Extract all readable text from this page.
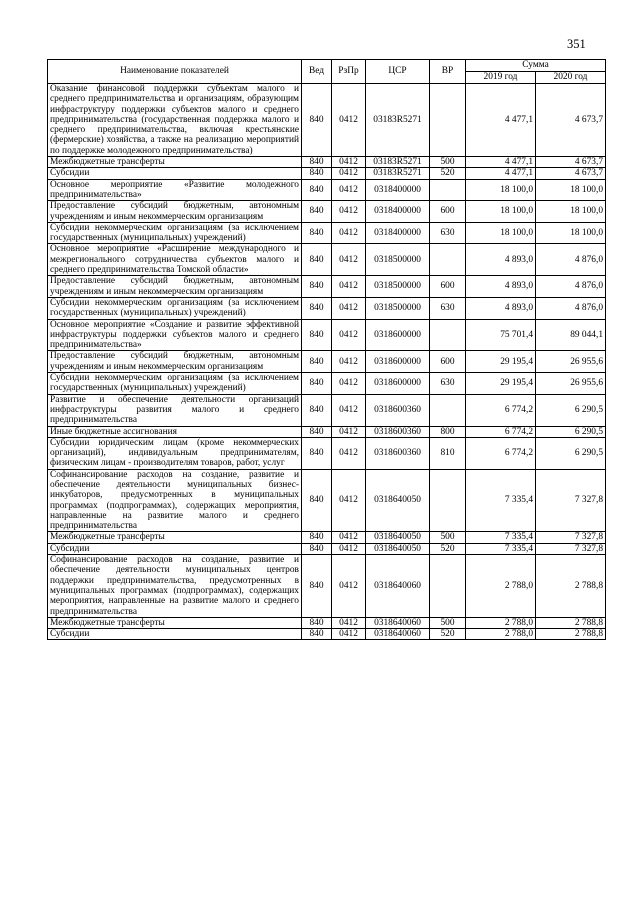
351
Наименование показателей	Вед	РзПр	ЦСР	ВР	Сумма	
					2019 год	2020 год
Оказание финансовой поддержки субъектам малого и среднего предпринимательства и организациям, образующим инфраструктуру поддержки субъектов малого и среднего предпринимательства (государственная поддержка малого и среднего предпринимательства, включая крестьянские (фермерские) хозяйства, а также на реализацию мероприятий по поддержке молодежного предпринимательства)	840	0412	03183R5271		4 477,1	4 673,7
Межбюджетные трансферты	840	0412	03183R5271	500	4 477,1	4 673,7
Субсидии	840	0412	03183R5271	520	4 477,1	4 673,7
Основное мероприятие «Развитие молодежного предпринимательства»	840	0412	0318400000		18 100,0	18 100,0
Предоставление субсидий бюджетным, автономным учреждениям и иным некоммерческим организациям	840	0412	0318400000	600	18 100,0	18 100,0
Субсидии некоммерческим организациям (за исключением государственных (муниципальных) учреждений)	840	0412	0318400000	630	18 100,0	18 100,0
Основное мероприятие «Расширение международного и межрегионального сотрудничества субъектов малого и среднего предпринимательства Томской области»	840	0412	0318500000		4 893,0	4 876,0
Предоставление субсидий бюджетным, автономным учреждениям и иным некоммерческим организациям	840	0412	0318500000	600	4 893,0	4 876,0
Субсидии некоммерческим организациям (за исключением государственных (муниципальных) учреждений)	840	0412	0318500000	630	4 893,0	4 876,0
Основное мероприятие «Создание и развитие эффективной инфраструктуры поддержки субъектов малого и среднего предпринимательства»	840	0412	0318600000		75 701,4	89 044,1
Предоставление субсидий бюджетным, автономным учреждениям и иным некоммерческим организациям	840	0412	0318600000	600	29 195,4	26 955,6
Субсидии некоммерческим организациям (за исключением государственных (муниципальных) учреждений)	840	0412	0318600000	630	29 195,4	26 955,6
Развитие и обеспечение деятельности организаций инфраструктуры развития малого и среднего предпринимательства	840	0412	0318600360		6 774,2	6 290,5
Иные бюджетные ассигнования	840	0412	0318600360	800	6 774,2	6 290,5
Субсидии юридическим лицам (кроме некоммерческих организаций), индивидуальным предпринимателям, физическим лицам - производителям товаров, работ, услуг	840	0412	0318600360	810	6 774,2	6 290,5
Софинансирование расходов на создание, развитие и обеспечение деятельности муниципальных бизнес-инкубаторов, предусмотренных в муниципальных программах (подпрограммах), содержащих мероприятия, направленные на развитие малого и среднего предпринимательства	840	0412	0318640050		7 335,4	7 327,8
Межбюджетные трансферты	840	0412	0318640050	500	7 335,4	7 327,8
Субсидии	840	0412	0318640050	520	7 335,4	7 327,8
Софинансирование расходов на создание, развитие и обеспечение деятельности муниципальных центров поддержки предпринимательства, предусмотренных в муниципальных программах (подпрограммах), содержащих мероприятия, направленные на развитие малого и среднего предпринимательства	840	0412	0318640060		2 788,0	2 788,8
Межбюджетные трансферты	840	0412	0318640060	500	2 788,0	2 788,8
Субсидии	840	0412	0318640060	520	2 788,0	2 788,8
